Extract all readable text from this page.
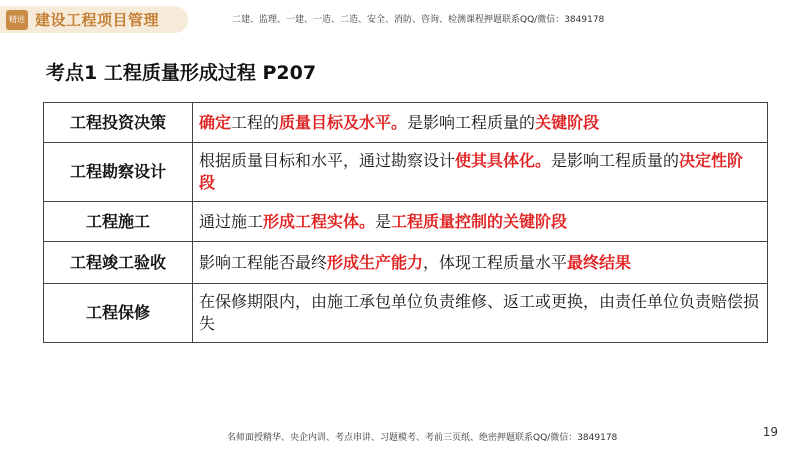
精进 建设工程项目管理	二建、监理、一建、一造、二造、安全、消防、咨询、检测课程押题联系QQ/微信：3849178
考点1 工程质量形成过程 P207
工程投资决策	确定工程的质量目标及水平。是影响工程质量的关键阶段
工程勘察设计	根据质量目标和水平，通过勘察设计使其具体化。是影响工程质量的决定性阶段
工程施工	通过施工形成工程实体。是工程质量控制的关键阶段
工程竣工验收	影响工程能否最终形成生产能力，体现工程质量水平最终结果
工程保修	在保修期限内，由施工承包单位负责维修、返工或更换，由责任单位负责赔偿损失
19
名师面授精华、央企内训、考点串讲、习题模考、考前三页纸、绝密押题联系QQ/微信：3849178
